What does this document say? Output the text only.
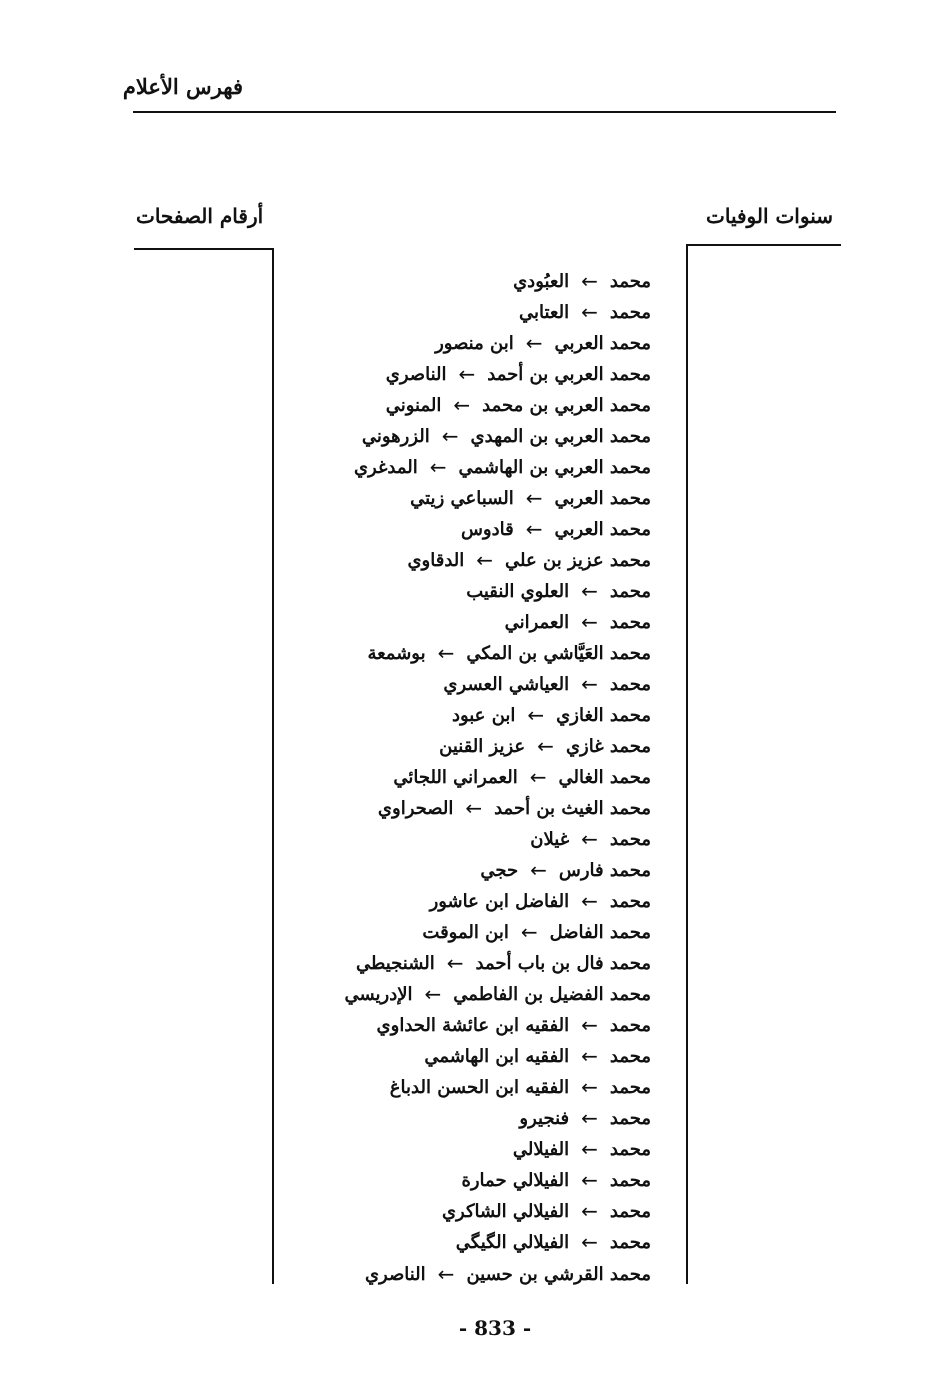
فهرس الأعلام
سنوات الوفيات
أرقام الصفحات
محمد←العبُودي
محمد←العتابي
محمد العربي←ابن منصور
محمد العربي بن أحمد←الناصري
محمد العربي بن محمد←المنوني
محمد العربي بن المهدي←الزرهوني
محمد العربي بن الهاشمي←المدغري
محمد العربي←السباعي زيتي
محمد العربي←قادوس
محمد عزيز بن علي←الدقاوي
محمد←العلوي النقيب
محمد←العمراني
محمد العَيَّاشي بن المكي←بوشمعة
محمد←العياشي العسري
محمد الغازي←ابن عبود
محمد غازي←عزيز القنين
محمد الغالي←العمراني اللجائي
محمد الغيث بن أحمد←الصحراوي
محمد←غيلان
محمد فارس←حجي
محمد←الفاضل ابن عاشور
محمد الفاضل←ابن الموقت
محمد فال بن باب أحمد←الشنجيطي
محمد الفضيل بن الفاطمي←الإدريسي
محمد←الفقيه ابن عائشة الحداوي
محمد←الفقيه ابن الهاشمي
محمد←الفقيه ابن الحسن الدباغ
محمد←فنجيرو
محمد←الفيلالي
محمد←الفيلالي حمارة
محمد←الفيلالي الشاكري
محمد←الفيلالي الگيگي
محمد القرشي بن حسين←الناصري
- 833 -
